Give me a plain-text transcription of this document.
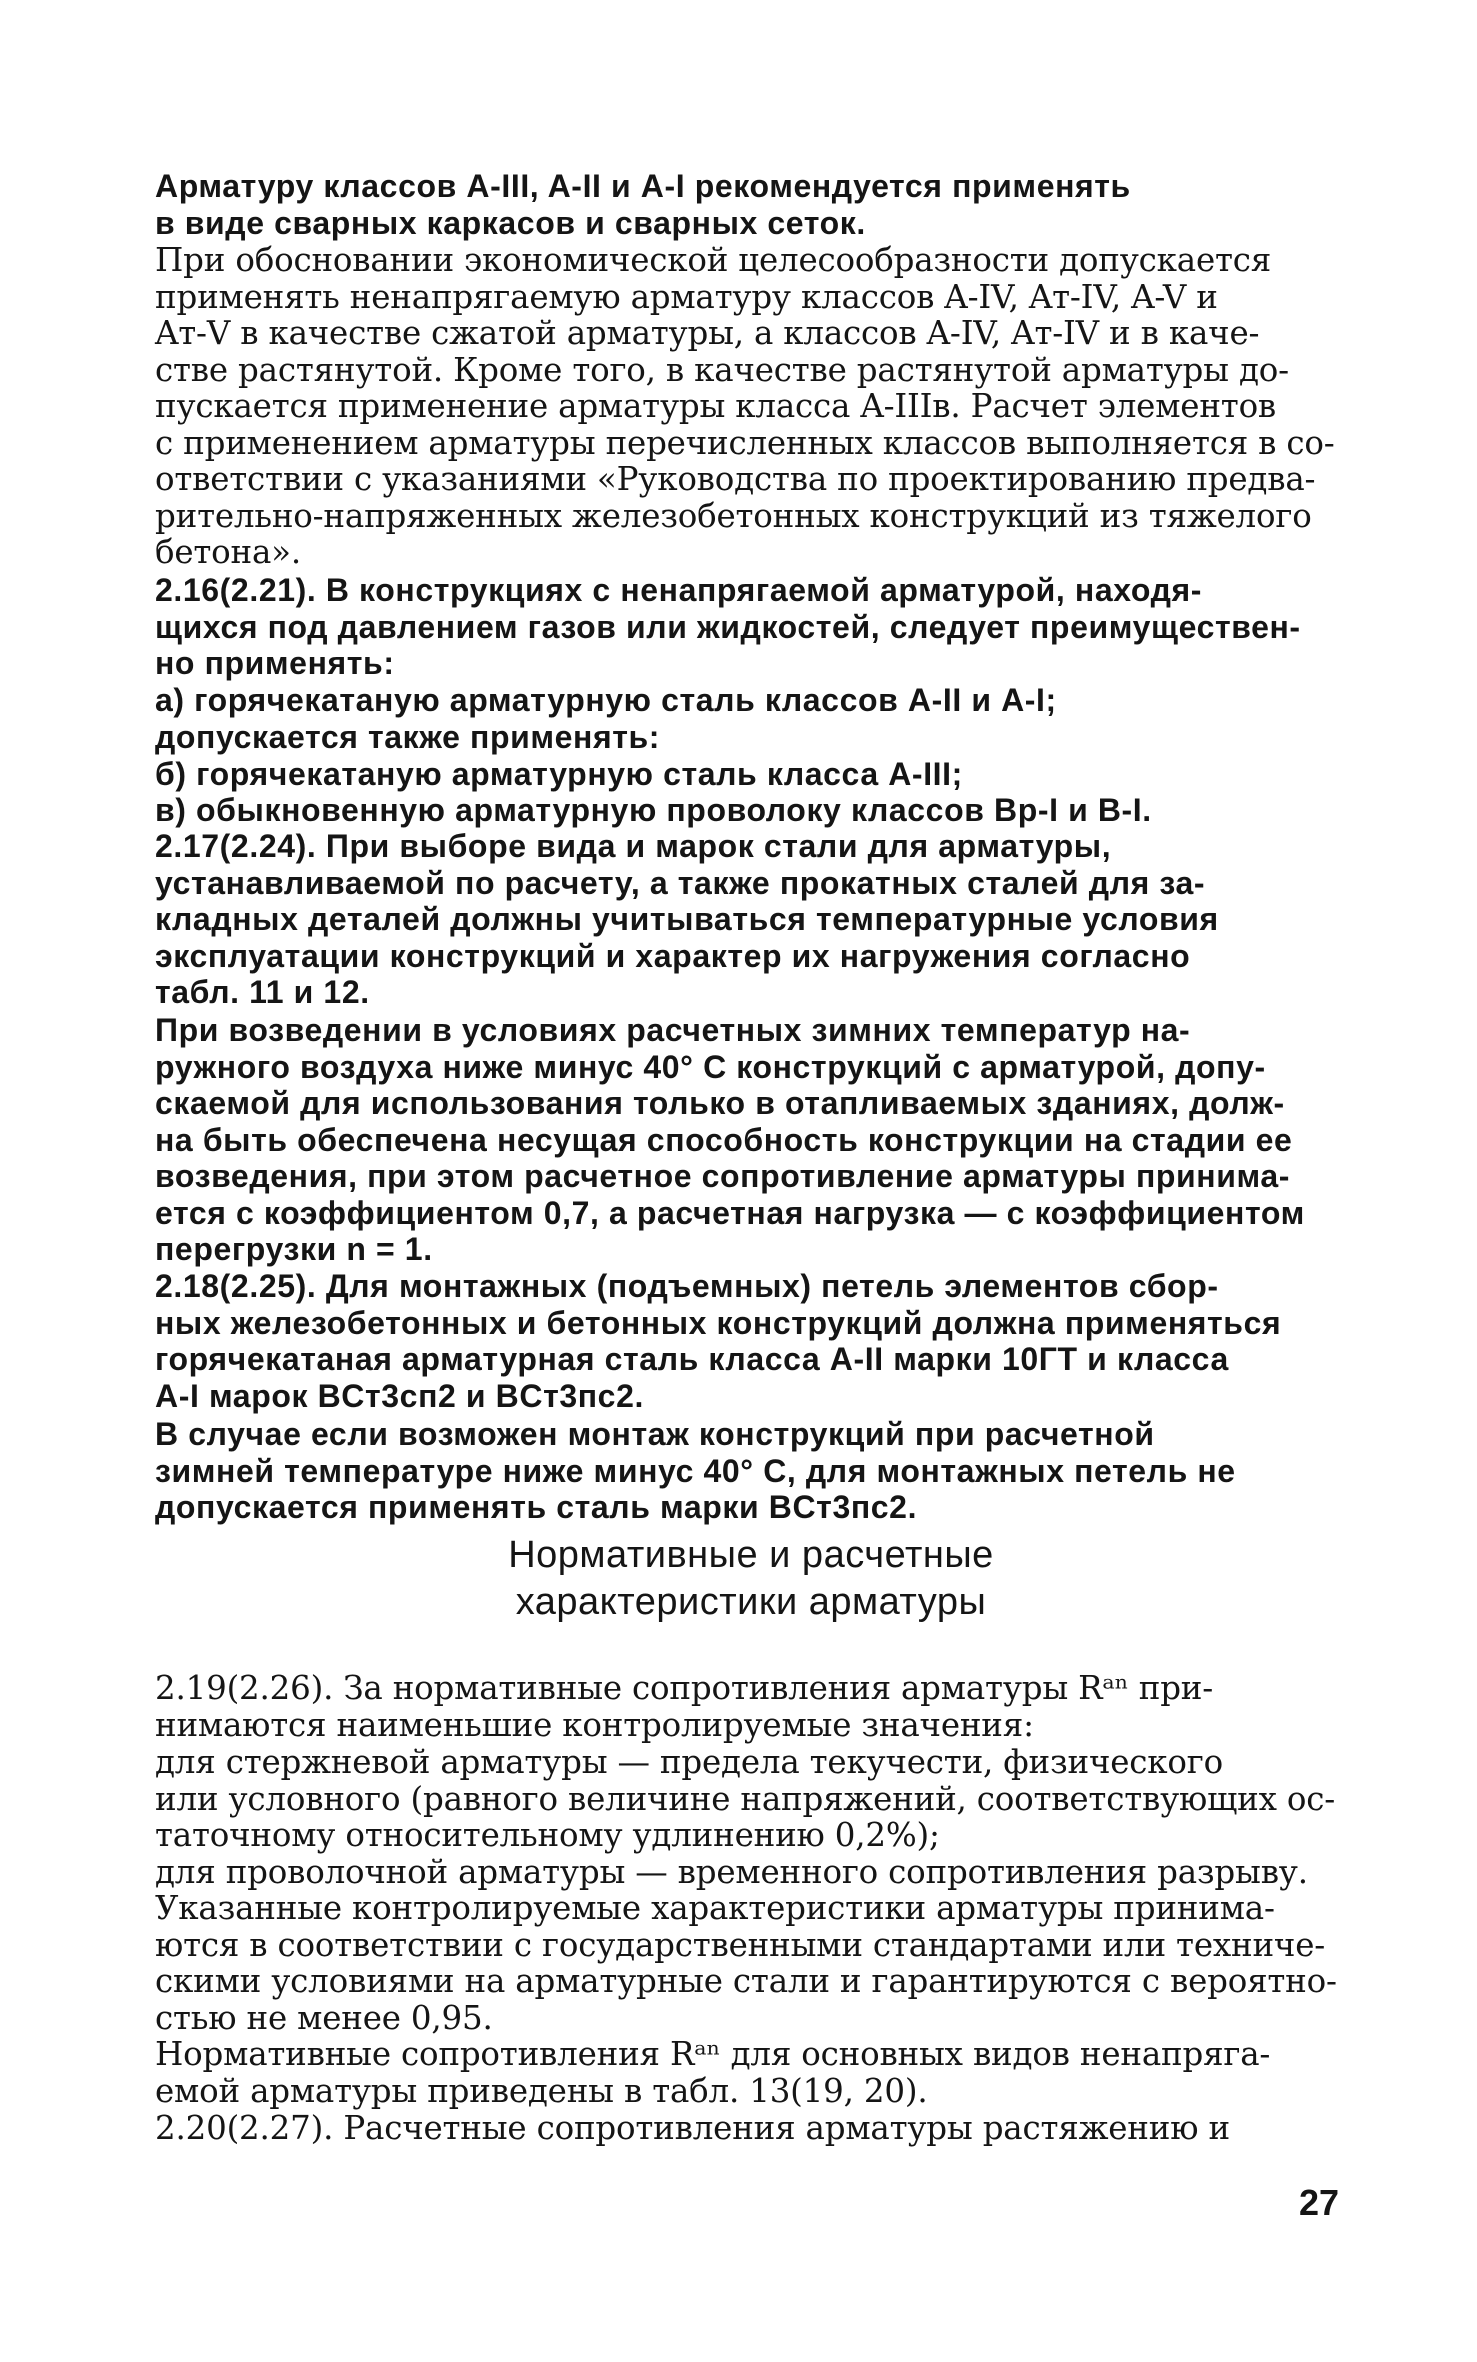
Арматуру классов A-III, A-II и A-I рекомендуется применять
в виде сварных каркасов и сварных сеток.

При обосновании экономической целесообразности допускается
применять ненапрягаемую арматуру классов A-IV, Aт-IV, A-V и
Aт-V в качестве сжатой арматуры, а классов A-IV, Aт-IV и в каче-
стве растянутой. Кроме того, в качестве растянутой арматуры до-
пускается применение арматуры класса A-IIIв. Расчет элементов
с применением арматуры перечисленных классов выполняется в со-
ответствии с указаниями «Руководства по проектированию предва-
рительно-напряженных железобетонных конструкций из тяжелого
бетона».

2.16(2.21). В конструкциях с ненапрягаемой арматурой, находя-
щихся под давлением газов или жидкостей, следует преимуществен-
но применять:

а) горячекатаную арматурную сталь классов A-II и A-I;
допускается также применять:

б) горячекатаную арматурную сталь класса A-III;

в) обыкновенную арматурную проволоку классов Bp-I и B-I.

2.17(2.24). При выборе вида и марок стали для арматуры,
устанавливаемой по расчету, а также прокатных сталей для за-
кладных деталей должны учитываться температурные условия
эксплуатации конструкций и характер их нагружения согласно
табл. 11 и 12.

При возведении в условиях расчетных зимних температур на-
ружного воздуха ниже минус 40° C конструкций с арматурой, допу-
скаемой для использования только в отапливаемых зданиях, долж-
на быть обеспечена несущая способность конструкции на стадии ее
возведения, при этом расчетное сопротивление арматуры принима-
ется с коэффициентом 0,7, а расчетная нагрузка — с коэффициентом
перегрузки n = 1.

2.18(2.25). Для монтажных (подъемных) петель элементов сбор-
ных железобетонных и бетонных конструкций должна применяться
горячекатаная арматурная сталь класса A-II марки 10ГТ и класса
A-I марок BСт3сп2 и BСт3пс2.

В случае если возможен монтаж конструкций при расчетной
зимней температуре ниже минус 40° C, для монтажных петель не
допускается применять сталь марки BСт3пс2.

Нормативные и расчетные
характеристики арматуры

2.19(2.26). За нормативные сопротивления арматуры Rᵃⁿ при-
нимаются наименьшие контролируемые значения:

для стержневой арматуры — предела текучести, физического
или условного (равного величине напряжений, соответствующих ос-
таточному относительному удлинению 0,2%);

для проволочной арматуры — временного сопротивления разрыву.

Указанные контролируемые характеристики арматуры принима-
ются в соответствии с государственными стандартами или техниче-
скими условиями на арматурные стали и гарантируются с вероятно-
стью не менее 0,95.

Нормативные сопротивления Rᵃⁿ для основных видов ненапряга-
емой арматуры приведены в табл. 13(19, 20).

2.20(2.27). Расчетные сопротивления арматуры растяжению и

27
